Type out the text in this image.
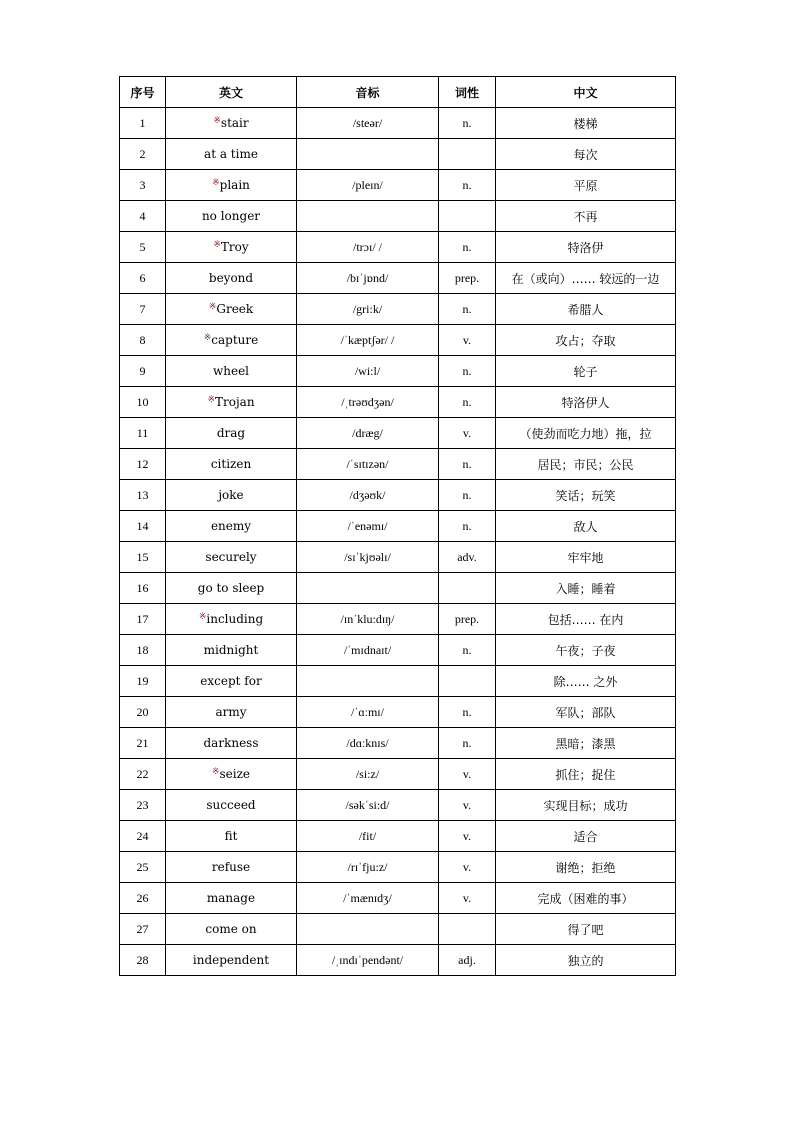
序号	英文	音标	词性	中文
1	※stair	/steər/	n.	楼梯
2	at a time			每次
3	※plain	/pleɪn/	n.	平原
4	no longer			不再
5	※Troy	/trɔɪ/ /	n.	特洛伊
6	beyond	/bɪˈjɒnd/	prep.	在（或向）…… 较远的一边
7	※Greek	/gri:k/	n.	希腊人
8	※capture	/ˈkæptʃər/ /	v.	攻占；夺取
9	wheel	/wi:l/	n.	轮子
10	※Trojan	/ˌtrəʊdʒən/	n.	特洛伊人
11	drag	/dræg/	v.	（使劲而吃力地）拖，拉
12	citizen	/ˈsɪtɪzən/	n.	居民；市民；公民
13	joke	/dʒəʊk/	n.	笑话；玩笑
14	enemy	/ˈenəmɪ/	n.	敌人
15	securely	/sɪˈkjʊəlɪ/	adv.	牢牢地
16	go to sleep			入睡；睡着
17	※including	/ɪnˈklu:dɪŋ/	prep.	包括…… 在内
18	midnight	/ˈmɪdnaɪt/	n.	午夜；子夜
19	except for			除…… 之外
20	army	/ˈɑːmɪ/	n.	军队；部队
21	darkness	/dɑːknɪs/	n.	黑暗；漆黑
22	※seize	/si:z/	v.	抓住；捉住
23	succeed	/səkˈsi:d/	v.	实现目标；成功
24	fit	/fit/	v.	适合
25	refuse	/rɪˈfju:z/	v.	谢绝；拒绝
26	manage	/ˈmænɪdʒ/	v.	完成（困难的事）
27	come on			得了吧
28	independent	/ˌɪndɪˈpendənt/	adj.	独立的
